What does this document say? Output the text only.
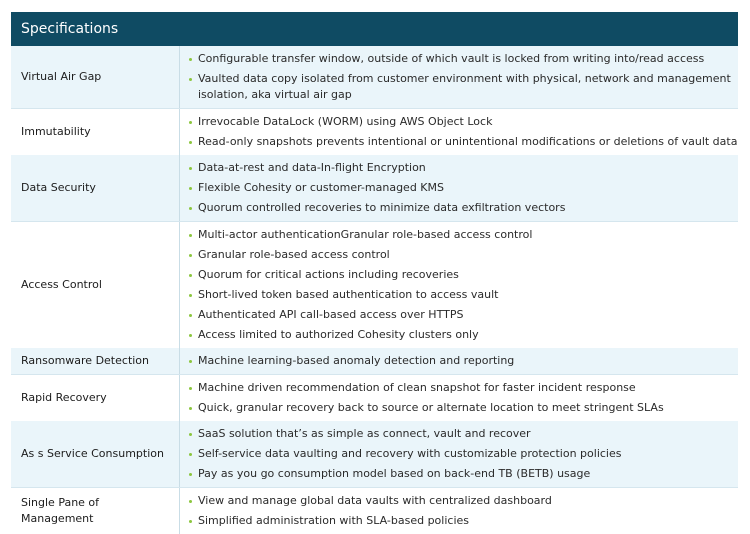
Specifications
Virtual Air Gap
Configurable transfer window, outside of which vault is locked from writing into/read access
Vaulted data copy isolated from customer environment with physical, network and management isolation, aka virtual air gap
Immutability
Irrevocable DataLock (WORM) using AWS Object Lock
Read-only snapshots prevents intentional or unintentional modifications or deletions of vault data
Data Security
Data-at-rest and data-In-flight Encryption
Flexible Cohesity or customer-managed KMS
Quorum controlled recoveries to minimize data exfiltration vectors
Access Control
Multi-actor authenticationGranular role-based access control
Granular role-based access control
Quorum for critical actions including recoveries
Short-lived token based authentication to access vault
Authenticated API call-based access over HTTPS
Access limited to authorized Cohesity clusters only
Ransomware Detection	Machine learning-based anomaly detection and reporting
Rapid Recovery
Machine driven recommendation of clean snapshot for faster incident response
Quick, granular recovery back to source or alternate location to meet stringent SLAs
As s Service Consumption
SaaS solution that’s as simple as connect, vault and recover
Self-service data vaulting and recovery with customizable protection policies
Pay as you go consumption model based on back-end TB (BETB) usage
Single Pane of Management
View and manage global data vaults with centralized dashboard
Simplified administration with SLA-based policies
